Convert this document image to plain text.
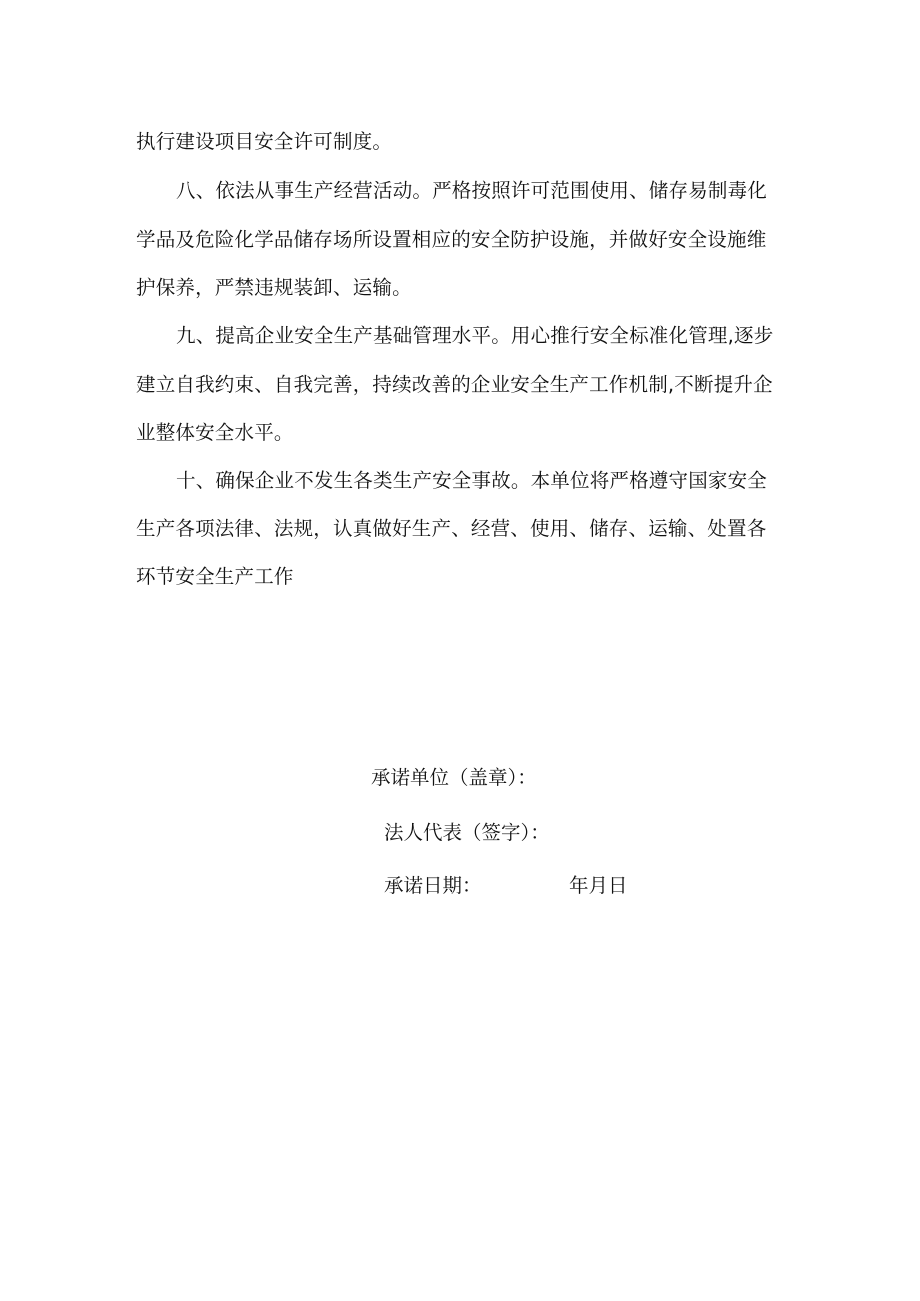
执行建设项目安全许可制度。
八、依法从事生产经营活动。严格按照许可范围使用、储存易制毒化
学品及危险化学品储存场所设置相应的安全防护设施，并做好安全设施维
护保养，严禁违规装卸、运输。
九、提高企业安全生产基础管理水平。用心推行安全标准化管理,逐步
建立自我约束、自我完善，持续改善的企业安全生产工作机制,不断提升企
业整体安全水平。
十、确保企业不发生各类生产安全事故。本单位将严格遵守国家安全
生产各项法律、法规，认真做好生产、经营、使用、储存、运输、处置各
环节安全生产工作
承诺单位（盖章）：
法人代表（签字）：
承诺日期：	年月日
